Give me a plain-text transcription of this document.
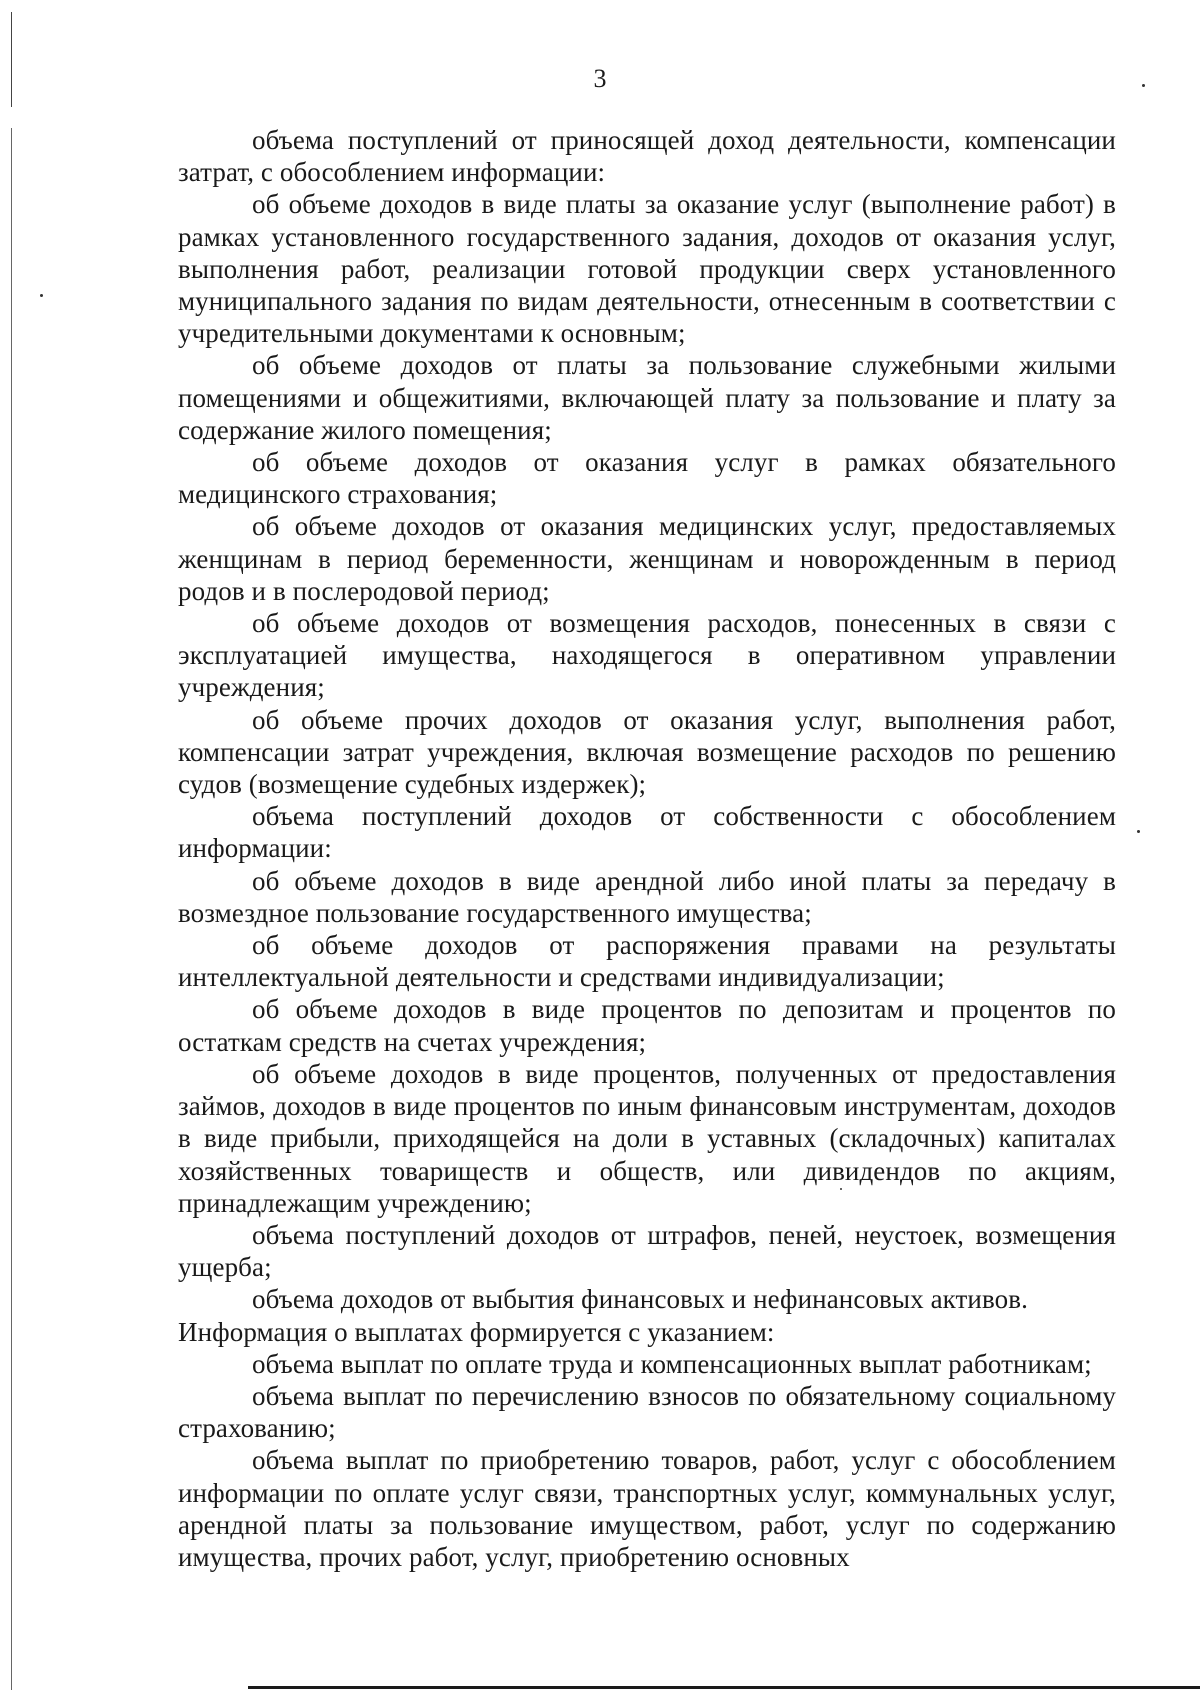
3

объема поступлений от приносящей доход деятельности, компенсации затрат, с обособлением информации:

об объеме доходов в виде платы за оказание услуг (выполнение работ) в рамках установленного государственного задания, доходов от оказания услуг, выполнения работ, реализации готовой продукции сверх установленного муниципального задания по видам деятельности, отнесенным в соответствии с учредительными документами к основным;

об объеме доходов от платы за пользование служебными жилыми помещениями и общежитиями, включающей плату за пользование и плату за содержание жилого помещения;

об объеме доходов от оказания услуг в рамках обязательного медицинского страхования;

об объеме доходов от оказания медицинских услуг, предоставляемых женщинам в период беременности, женщинам и новорожденным в период родов и в послеродовой период;

об объеме доходов от возмещения расходов, понесенных в связи с эксплуатацией имущества, находящегося в оперативном управлении учреждения;

об объеме прочих доходов от оказания услуг, выполнения работ, компенсации затрат учреждения, включая возмещение расходов по решению судов (возмещение судебных издержек);

объема поступлений доходов от собственности с обособлением информации:

об объеме доходов в виде арендной либо иной платы за передачу в возмездное пользование государственного имущества;

об объеме доходов от распоряжения правами на результаты интеллектуальной деятельности и средствами индивидуализации;

об объеме доходов в виде процентов по депозитам и процентов по остаткам средств на счетах учреждения;

об объеме доходов в виде процентов, полученных от предоставления займов, доходов в виде процентов по иным финансовым инструментам, доходов в виде прибыли, приходящейся на доли в уставных (складочных) капиталах хозяйственных товариществ и обществ, или дивидендов по акциям, принадлежащим учреждению;

объема поступлений доходов от штрафов, пеней, неустоек, возмещения ущерба;

объема доходов от выбытия финансовых и нефинансовых активов.

Информация о выплатах формируется с указанием:

объема выплат по оплате труда и компенсационных выплат работникам;

объема выплат по перечислению взносов по обязательному социальному страхованию;

объема выплат по приобретению товаров, работ, услуг с обособлением информации по оплате услуг связи, транспортных услуг, коммунальных услуг, арендной платы за пользование имуществом, работ, услуг по содержанию имущества, прочих работ, услуг, приобретению основных
